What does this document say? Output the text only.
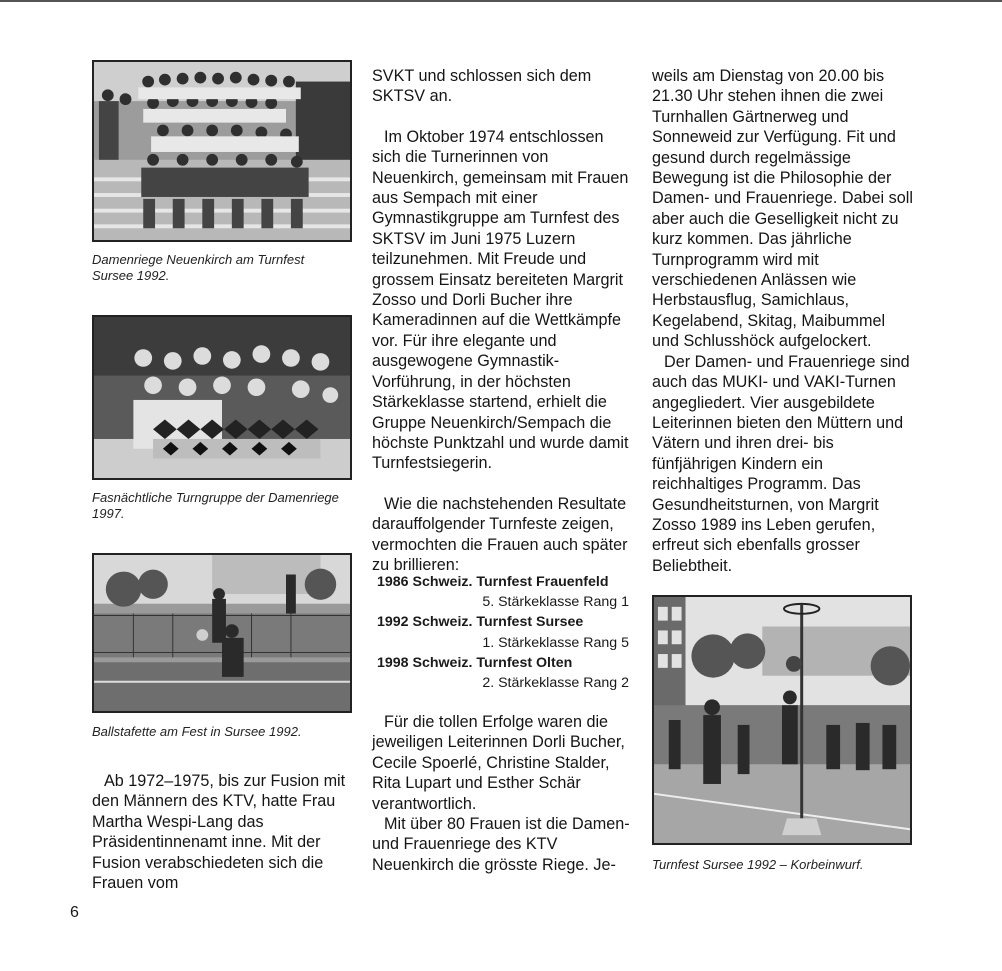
Damenriege Neuenkirch am Turnfest Sursee 1992.
Fasnächtliche Turngruppe der Damenriege 1997.
Ballstafette am Fest in Sursee 1992.

Ab 1972–1975, bis zur Fusion mit den Männern des KTV, hatte Frau Martha Wespi-Lang das Präsidentinnenamt inne. Mit der Fusion verabschiedeten sich die Frauen vom

SVKT und schlossen sich dem SKTSV an.

Im Oktober 1974 entschlossen sich die Turnerinnen von Neuenkirch, gemeinsam mit Frauen aus Sempach mit einer Gymnastikgruppe am Turnfest des SKTSV im Juni 1975 Luzern teilzunehmen. Mit Freude und grossem Einsatz bereiteten Margrit Zosso und Dorli Bucher ihre Kameradinnen auf die Wettkämpfe vor. Für ihre elegante und ausgewogene Gymnastik-Vorführung, in der höchsten Stärkeklasse startend, erhielt die Gruppe Neuenkirch/Sempach die höchste Punktzahl und wurde damit Turnfestsiegerin.

Wie die nachstehenden Resultate darauffolgender Turnfeste zeigen, vermochten die Frauen auch später zu brillieren:

1986 Schweiz. Turnfest Frauenfeld
5. Stärkeklasse Rang 1
1992 Schweiz. Turnfest Sursee
1. Stärkeklasse Rang 5
1998 Schweiz. Turnfest Olten
2. Stärkeklasse Rang 2

Für die tollen Erfolge waren die jeweiligen Leiterinnen Dorli Bucher, Cecile Spoerlé, Christine Stalder, Rita Lupart und Esther Schär verantwortlich.

Mit über 80 Frauen ist die Damen- und Frauenriege des KTV Neuenkirch die grösste Riege. Je-

weils am Dienstag von 20.00 bis 21.30 Uhr stehen ihnen die zwei Turnhallen Gärtnerweg und Sonneweid zur Verfügung. Fit und gesund durch regelmässige Bewegung ist die Philosophie der Damen- und Frauenriege. Dabei soll aber auch die Geselligkeit nicht zu kurz kommen. Das jährliche Turnprogramm wird mit verschiedenen Anlässen wie Herbstausflug, Samichlaus, Kegelabend, Skitag, Maibummel und Schlusshöck aufgelockert.

Der Damen- und Frauenriege sind auch das MUKI- und VAKI-Turnen angegliedert. Vier ausgebildete Leiterinnen bieten den Müttern und Vätern und ihren drei- bis fünfjährigen Kindern ein reichhaltiges Programm. Das Gesundheitsturnen, von Margrit Zosso 1989 ins Leben gerufen, erfreut sich ebenfalls grosser Beliebtheit.

Turnfest Sursee 1992 – Korbeinwurf.
6
